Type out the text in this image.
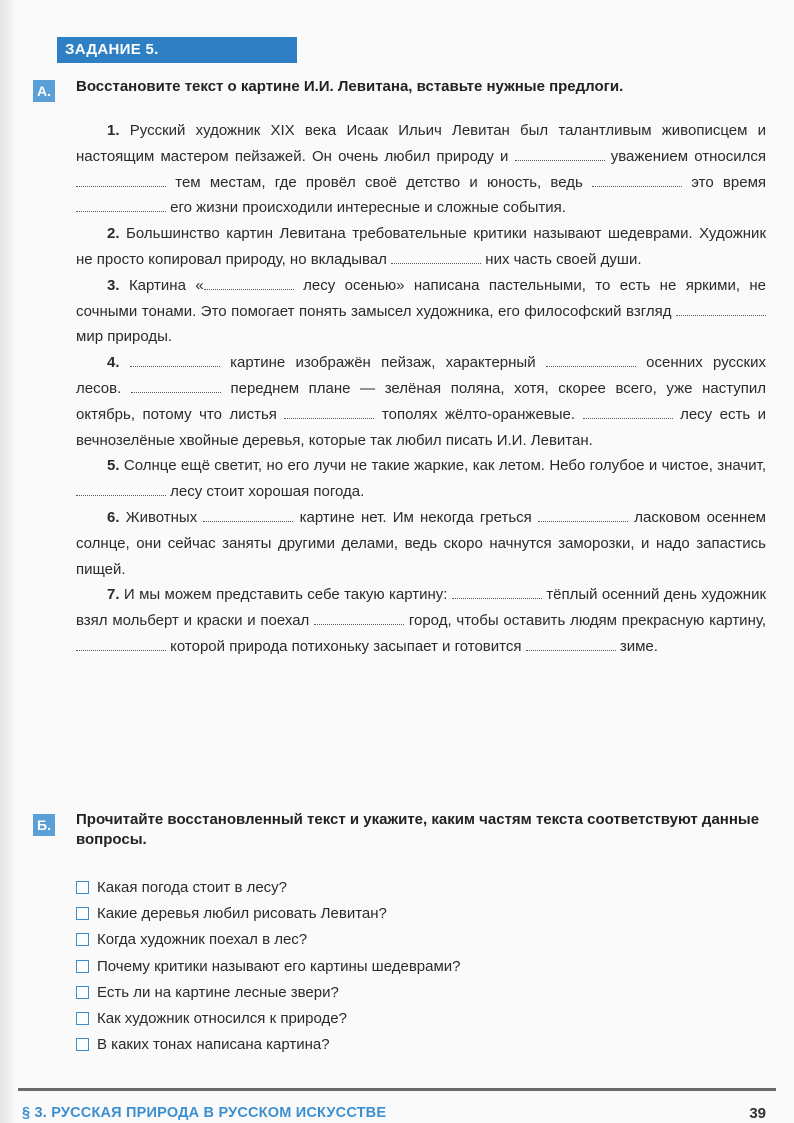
ЗАДАНИЕ 5.
А. Восстановите текст о картине И.И. Левитана, вставьте нужные предлоги.

1. Русский художник XIX века Исаак Ильич Левитан был талантливым живописцем и настоящим мастером пейзажей. Он очень любил природу и	уважением относился  тем местам, где провёл своё детство и юность, ведь	это время  его жизни происходили интересные и сложные события.

2. Большинство картин Левитана требовательные критики называют шедеврами. Художник не просто копировал природу, но вкладывал	них часть своей души.

3. Картина «	лесу осенью» написана пастельными, то есть не яркими, не сочными тонами. Это помогает понять замысел художника, его философский взгляд  мир природы.

4.	картине изображён пейзаж, характерный	осенних русских лесов.	переднем плане — зелёная поляна, хотя, скорее всего, уже наступил октябрь, потому что листья	тополях жёлто-оранжевые.	лесу есть и вечнозелёные хвойные деревья, которые так любил писать И.И. Левитан.

5. Солнце ещё светит, но его лучи не такие жаркие, как летом. Небо голубое и чистое, значит,  лесу стоит хорошая погода.

6. Животных	картине нет. Им некогда греться	ласковом осеннем солнце, они сейчас заняты другими делами, ведь скоро начнутся заморозки, и надо запастись пищей.

7. И мы можем представить себе такую картину:	тёплый осенний день художник взял мольберт и краски и поехал	город, чтобы оставить людям прекрасную картину,  которой природа потихоньку засыпает и готовится	зиме.

Б. Прочитайте восстановленный текст и укажите, каким частям текста соответствуют данные вопросы.
Какая погода стоит в лесу?
Какие деревья любил рисовать Левитан?
Когда художник поехал в лес?
Почему критики называют его картины шедеврами?
Есть ли на картине лесные звери?
Как художник относился к природе?
В каких тонах написана картина?
§ 3. РУССКАЯ ПРИРОДА В РУССКОМ ИСКУССТВЕ	39
